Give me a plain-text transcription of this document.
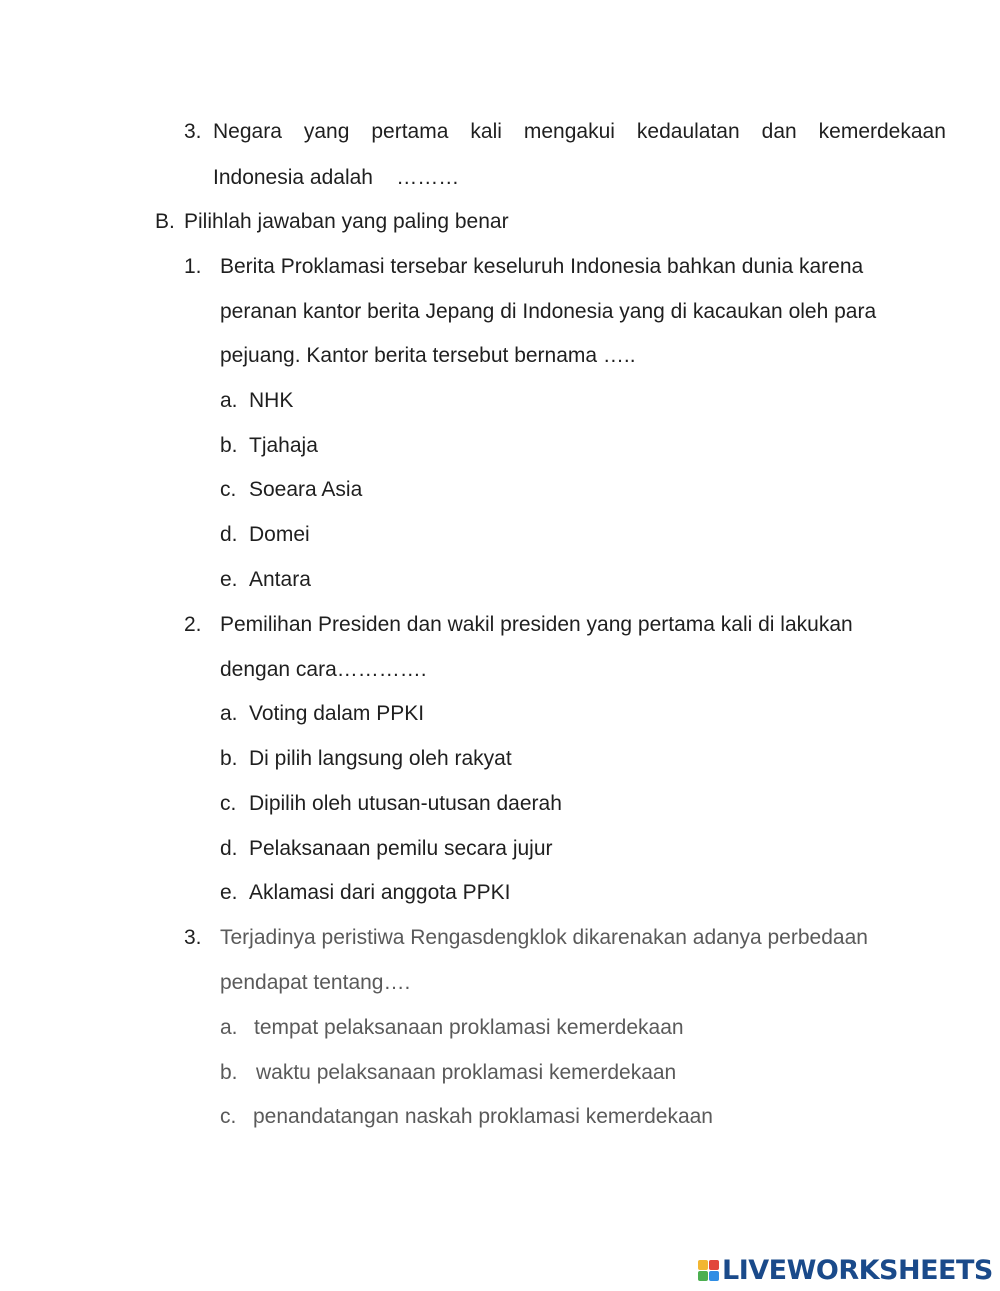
3. Negara yang pertama kali mengakui kedaulatan dan kemerdekaan
Indonesia adalah    ………
B. Pilihlah jawaban yang paling benar
1. Berita Proklamasi tersebar keseluruh Indonesia bahkan dunia karena
peranan kantor berita Jepang di Indonesia yang di kacaukan oleh para
pejuang. Kantor berita tersebut bernama …..
a. NHK
b. Tjahaja
c. Soeara Asia
d. Domei
e. Antara
2. Pemilihan Presiden dan wakil presiden yang pertama kali di lakukan
dengan cara………….
a. Voting dalam PPKI
b. Di pilih langsung oleh rakyat
c. Dipilih oleh utusan-utusan daerah
d. Pelaksanaan pemilu secara jujur
e. Aklamasi dari anggota PPKI
3. Terjadinya peristiwa Rengasdengklok dikarenakan adanya perbedaan
pendapat tentang….
a. tempat pelaksanaan proklamasi kemerdekaan
b. waktu pelaksanaan proklamasi kemerdekaan
c. penandatangan naskah proklamasi kemerdekaan
LIVEWORKSHEETS
